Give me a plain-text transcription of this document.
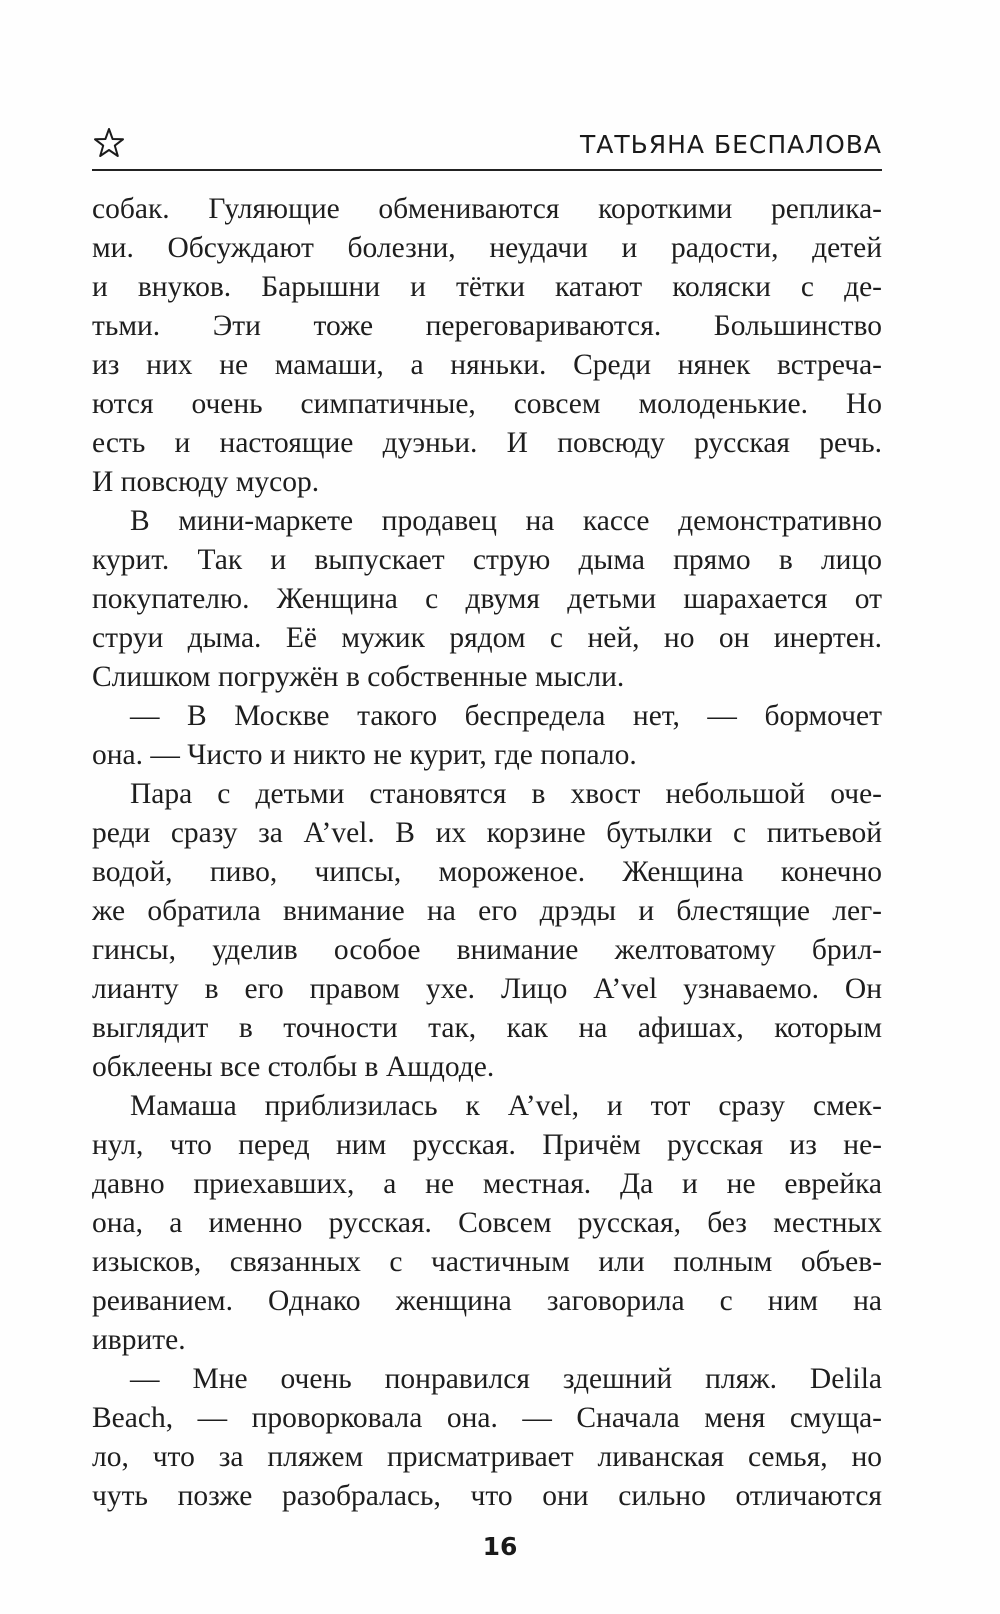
ТАТЬЯНА БЕСПАЛОВА
собак. Гуляющие обмениваются короткими реплика-
ми. Обсуждают болезни, неудачи и радости, детей
и внуков. Барышни и тётки катают коляски с де-
тьми. Эти тоже переговариваются. Большинство
из них не мамаши, а няньки. Среди нянек встреча-
ются очень симпатичные, совсем молоденькие. Но
есть и настоящие дуэньи. И повсюду русская речь.
И повсюду мусор.
В мини-маркете продавец на кассе демонстративно
курит. Так и выпускает струю дыма прямо в лицо
покупателю. Женщина с двумя детьми шарахается от
струи дыма. Её мужик рядом с ней, но он инертен.
Слишком погружён в собственные мысли.
— В Москве такого беспредела нет, — бормочет
она. — Чисто и никто не курит, где попало.
Пара с детьми становятся в хвост небольшой оче-
реди сразу за A’vel. В их корзине бутылки с питьевой
водой, пиво, чипсы, мороженое. Женщина конечно
же обратила внимание на его дрэды и блестящие лег-
гинсы, уделив особое внимание желтоватому брил-
лианту в его правом ухе. Лицо A’vel узнаваемо. Он
выглядит в точности так, как на афишах, которым
обклеены все столбы в Ашдоде.
Мамаша приблизилась к A’vel, и тот сразу смек-
нул, что перед ним русская. Причём русская из не-
давно приехавших, а не местная. Да и не еврейка
она, а именно русская. Совсем русская, без местных
изысков, связанных с частичным или полным объев-
реиванием. Однако женщина заговорила с ним на
иврите.
— Мне очень понравился здешний пляж. Delila
Beach, — проворковала она. — Сначала меня смуща-
ло, что за пляжем присматривает ливанская семья, но
чуть позже разобралась, что они сильно отличаются
16
